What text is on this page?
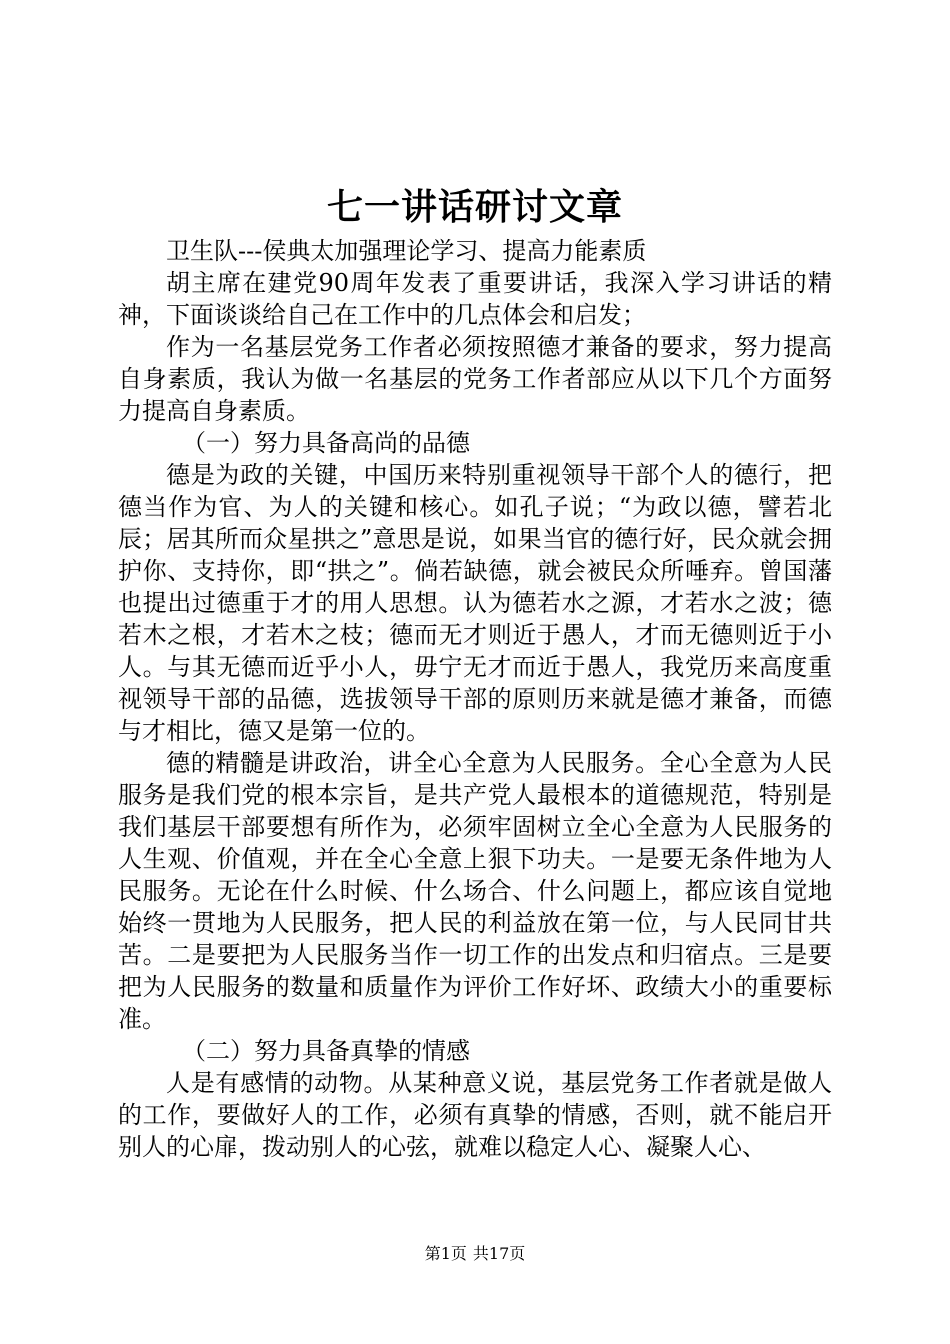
七一讲话研讨文章

卫生队---侯典太加强理论学习、提高力能素质

胡主席在建党90周年发表了重要讲话，我深入学习讲话的精神，下面谈谈给自己在工作中的几点体会和启发；

作为一名基层党务工作者必须按照德才兼备的要求，努力提高自身素质，我认为做一名基层的党务工作者部应从以下几个方面努力提高自身素质。

（一）努力具备高尚的品德

德是为政的关键，中国历来特别重视领导干部个人的德行，把德当作为官、为人的关键和核心。如孔子说；“为政以德，譬若北辰；居其所而众星拱之”意思是说，如果当官的德行好，民众就会拥护你、支持你，即“拱之”。倘若缺德，就会被民众所唾弃。曾国藩也提出过德重于才的用人思想。认为德若水之源，才若水之波；德若木之根，才若木之枝；德而无才则近于愚人，才而无德则近于小人。与其无德而近乎小人，毋宁无才而近于愚人，我党历来高度重视领导干部的品德，选拔领导干部的原则历来就是德才兼备，而德与才相比，德又是第一位的。

德的精髓是讲政治，讲全心全意为人民服务。全心全意为人民服务是我们党的根本宗旨，是共产党人最根本的道德规范，特别是我们基层干部要想有所作为，必须牢固树立全心全意为人民服务的人生观、价值观，并在全心全意上狠下功夫。一是要无条件地为人民服务。无论在什么时候、什么场合、什么问题上，都应该自觉地始终一贯地为人民服务，把人民的利益放在第一位，与人民同甘共苦。二是要把为人民服务当作一切工作的出发点和归宿点。三是要把为人民服务的数量和质量作为评价工作好坏、政绩大小的重要标准。

（二）努力具备真挚的情感

人是有感情的动物。从某种意义说，基层党务工作者就是做人的工作，要做好人的工作，必须有真挚的情感，否则，就不能启开别人的心扉，拨动别人的心弦，就难以稳定人心、凝聚人心、

第1页 共17页
